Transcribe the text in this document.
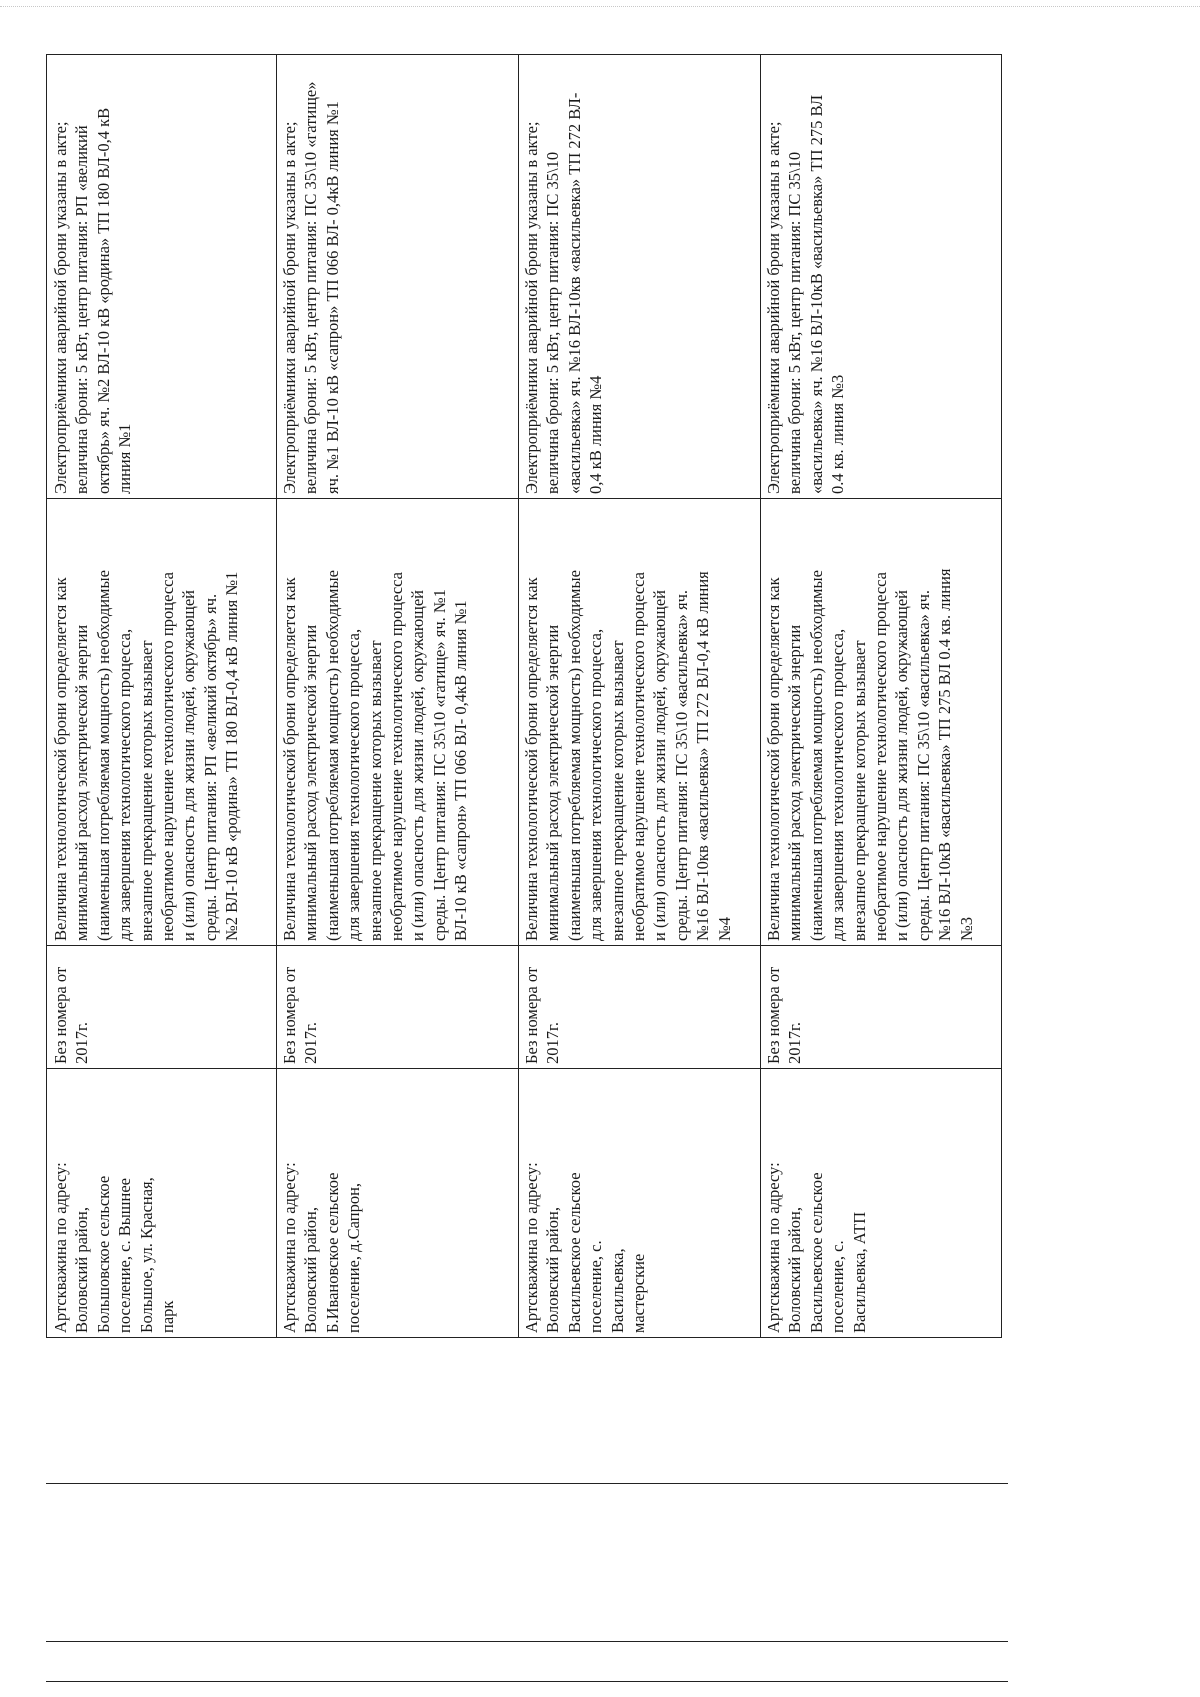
Электроприёмники аварийной брони указаны в акте;
величина брони: 5 кВт, центр питания: РП «великий
октябрь» яч. №2 ВЛ-10 кВ «родина» ТП 180 ВЛ-0,4 кВ
линия №1
Величина технологической брони определяется как
минимальный расход электрической энергии
(наименьшая потребляемая мощность) необходимые
для завершения технологического процесса,
внезапное прекращение которых вызывает
необратимое нарушение технологического процесса
и (или) опасность для жизни людей, окружающей
среды. Центр питания: РП «великий октябрь» яч.
№2 ВЛ-10 кВ «родина» ТП 180 ВЛ-0,4 кВ линия №1
Без номера от
2017г.
Артскважина по адресу:
Воловский район,
Большовское сельское
поселение, с. Вышнее
Большое, ул. Красная,
парк
Электроприёмники аварийной брони указаны в акте;
величина брони: 5 кВт, центр питания: ПС 35\10 «гатище»
яч. №1 ВЛ-10 кВ «сапрон» ТП 066 ВЛ- 0,4кВ линия №1
Величина технологической брони определяется как
минимальный расход электрической энергии
(наименьшая потребляемая мощность) необходимые
для завершения технологического процесса,
внезапное прекращение которых вызывает
необратимое нарушение технологического процесса
и (или) опасность для жизни людей, окружающей
среды. Центр питания: ПС 35\10 «гатище» яч. №1
ВЛ-10 кВ «сапрон» ТП 066 ВЛ- 0,4кВ линия №1
Без номера от
2017г.
Артскважина по адресу:
Воловский район,
Б.Ивановское сельское
поселение, д.Сапрон,
Электроприёмники аварийной брони указаны в акте;
величина брони: 5 кВт, центр питания: ПС 35\10
«васильевка» яч. №16 ВЛ-10кв «васильевка» ТП 272 ВЛ-
0,4 кВ линия №4
Величина технологической брони определяется как
минимальный расход электрической энергии
(наименьшая потребляемая мощность) необходимые
для завершения технологического процесса,
внезапное прекращение которых вызывает
необратимое нарушение технологического процесса
и (или) опасность для жизни людей, окружающей
среды. Центр питания: ПС 35\10 «васильевка» яч.
№16 ВЛ-10кв «васильевка» ТП 272 ВЛ-0,4 кВ линия
№4
Без номера от
2017г.
Артскважина по адресу:
Воловский район,
Васильевское сельское
поселение, с.
Васильевка,
мастерские
Электроприёмники аварийной брони указаны в акте;
величина брони: 5 кВт, центр питания: ПС 35\10
«васильевка» яч. №16 ВЛ-10кВ «васильевка» ТП 275 ВЛ
0.4 кв. линия №3
Величина технологической брони определяется как
минимальный расход электрической энергии
(наименьшая потребляемая мощность) необходимые
для завершения технологического процесса,
внезапное прекращение которых вызывает
необратимое нарушение технологического процесса
и (или) опасность для жизни людей, окружающей
среды. Центр питания: ПС 35\10 «васильевка» яч.
№16 ВЛ-10кВ «васильевка» ТП 275 ВЛ 0.4 кв. линия
№3
Без номера от
2017г.
Артскважина по адресу:
Воловский район,
Васильевское сельское
поселение, с.
Васильевка, АТП
